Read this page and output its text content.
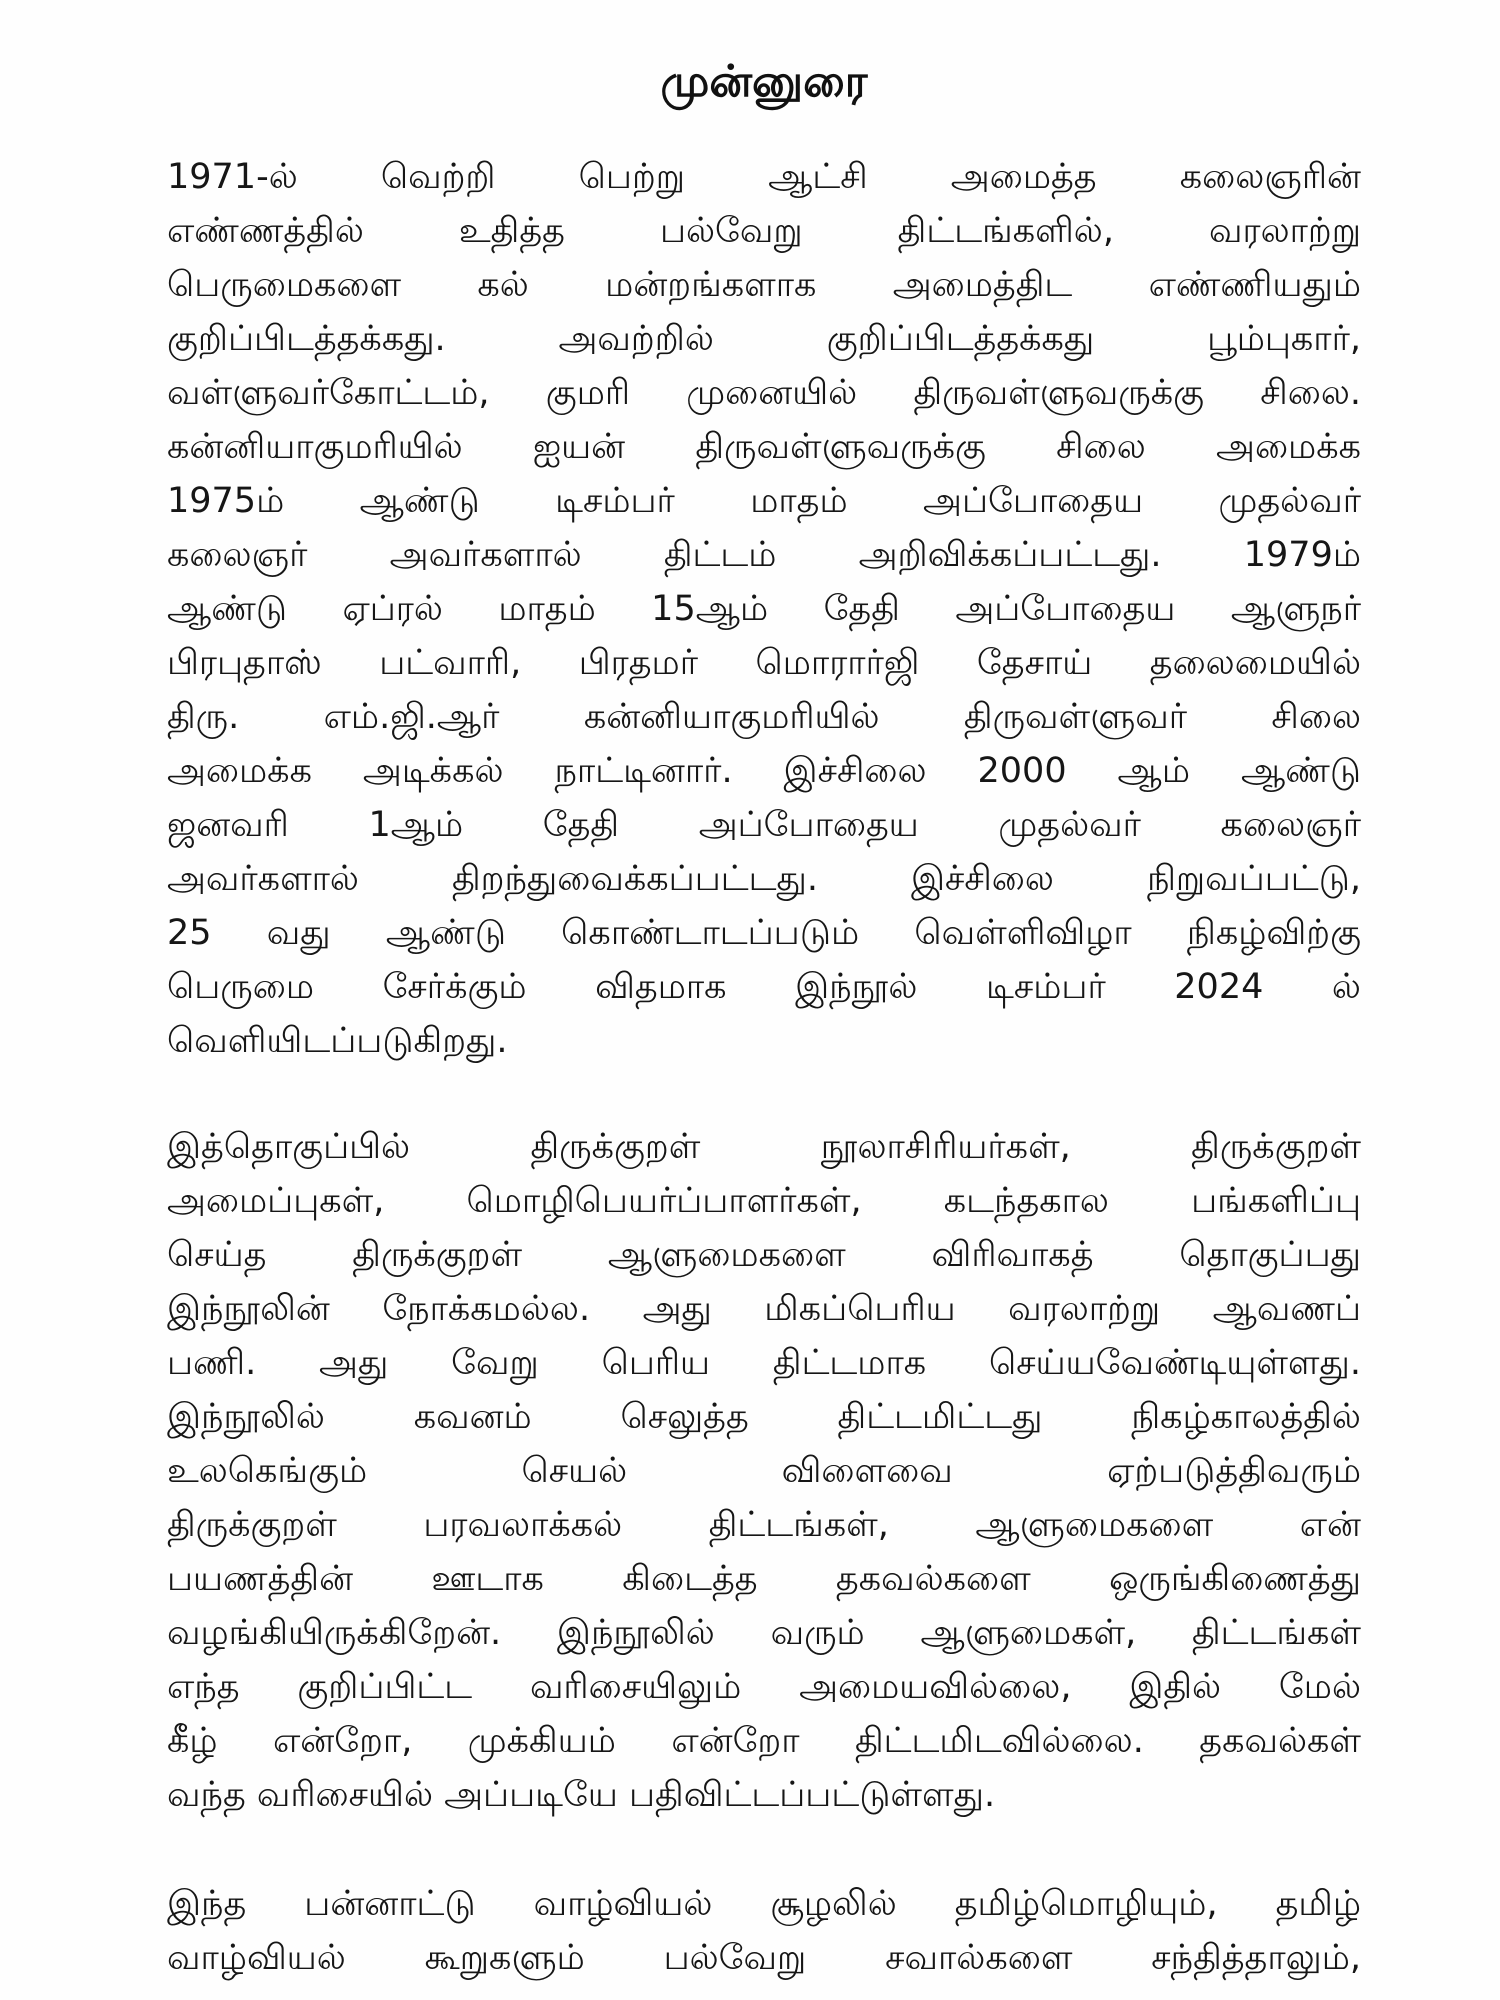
முன்னுரை
1971-ல் வெற்றி பெற்று ஆட்சி அமைத்த கலைஞரின்
எண்ணத்தில் உதித்த பல்வேறு திட்டங்களில், வரலாற்று
பெருமைகளை கல் மன்றங்களாக அமைத்திட எண்ணியதும்
குறிப்பிடத்தக்கது. அவற்றில் குறிப்பிடத்தக்கது பூம்புகார்,
வள்ளுவர்கோட்டம், குமரி முனையில் திருவள்ளுவருக்கு சிலை.
கன்னியாகுமரியில் ஐயன் திருவள்ளுவருக்கு சிலை அமைக்க
1975ம் ஆண்டு டிசம்பர் மாதம் அப்போதைய முதல்வர்
கலைஞர் அவர்களால் திட்டம் அறிவிக்கப்பட்டது. 1979ம்
ஆண்டு ஏப்ரல் மாதம் 15ஆம் தேதி அப்போதைய ஆளுநர்
பிரபுதாஸ் பட்வாரி, பிரதமர் மொரார்ஜி தேசாய் தலைமையில்
திரு. எம்.ஜி.ஆர் கன்னியாகுமரியில் திருவள்ளுவர் சிலை
அமைக்க அடிக்கல் நாட்டினார். இச்சிலை 2000 ஆம் ஆண்டு
ஜனவரி 1ஆம் தேதி அப்போதைய முதல்வர் கலைஞர்
அவர்களால் திறந்துவைக்கப்பட்டது. இச்சிலை நிறுவப்பட்டு,
25 வது ஆண்டு கொண்டாடப்படும் வெள்ளிவிழா நிகழ்விற்கு
பெருமை சேர்க்கும் விதமாக இந்நூல் டிசம்பர் 2024 ல்
வெளியிடப்படுகிறது.
இத்தொகுப்பில் திருக்குறள் நூலாசிரியர்கள், திருக்குறள்
அமைப்புகள், மொழிபெயர்ப்பாளர்கள், கடந்தகால பங்களிப்பு
செய்த திருக்குறள் ஆளுமைகளை விரிவாகத் தொகுப்பது
இந்நூலின் நோக்கமல்ல. அது மிகப்பெரிய வரலாற்று ஆவணப்
பணி. அது வேறு பெரிய திட்டமாக செய்யவேண்டியுள்ளது.
இந்நூலில் கவனம் செலுத்த திட்டமிட்டது நிகழ்காலத்தில்
உலகெங்கும் செயல் விளைவை ஏற்படுத்திவரும்
திருக்குறள் பரவலாக்கல் திட்டங்கள், ஆளுமைகளை என்
பயணத்தின் ஊடாக கிடைத்த தகவல்களை ஒருங்கிணைத்து
வழங்கியிருக்கிறேன். இந்நூலில் வரும் ஆளுமைகள், திட்டங்கள்
எந்த குறிப்பிட்ட வரிசையிலும் அமையவில்லை, இதில் மேல்
கீழ் என்றோ, முக்கியம் என்றோ திட்டமிடவில்லை. தகவல்கள்
வந்த வரிசையில் அப்படியே பதிவிட்டப்பட்டுள்ளது.
இந்த பன்னாட்டு வாழ்வியல் சூழலில் தமிழ்மொழியும், தமிழ்
வாழ்வியல் கூறுகளும் பல்வேறு சவால்களை சந்தித்தாலும்,
